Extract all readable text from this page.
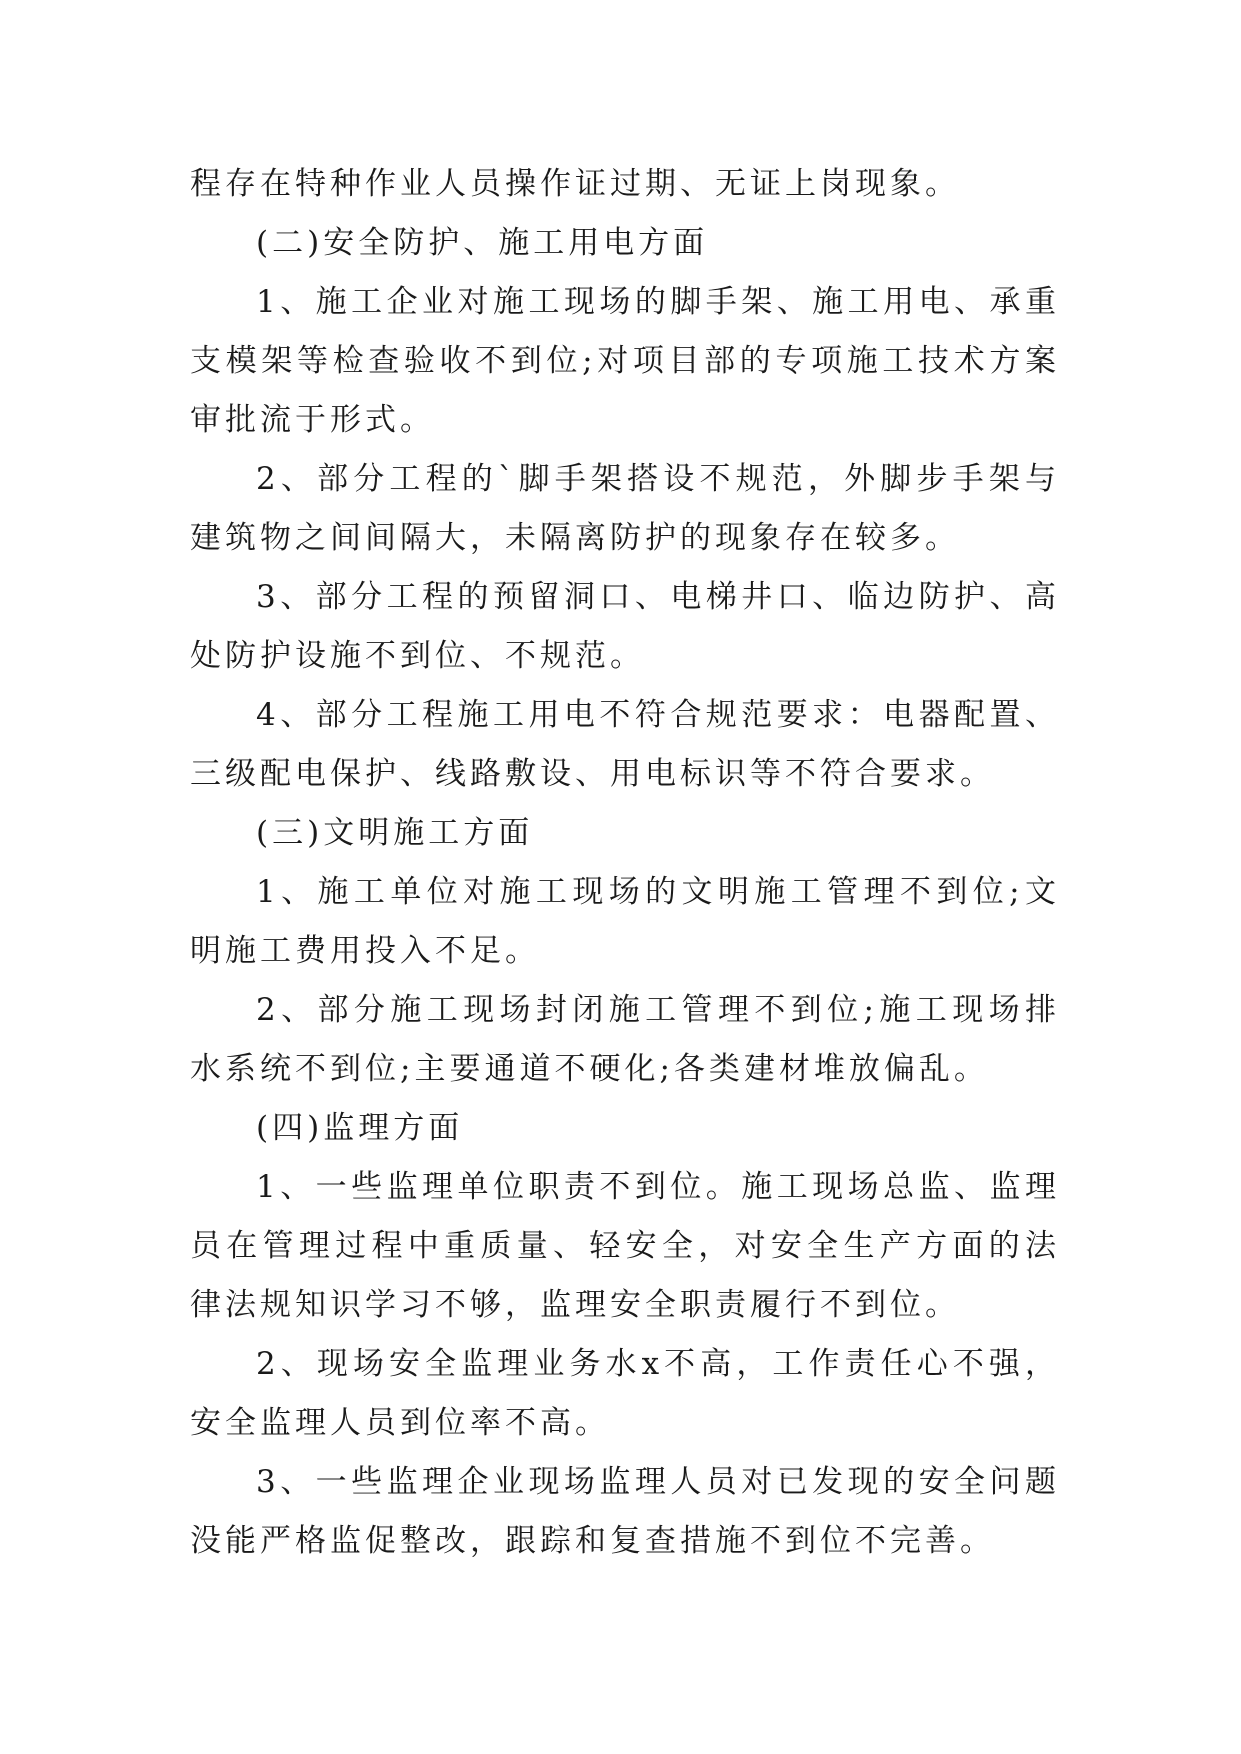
程存在特种作业人员操作证过期、无证上岗现象。

(二)安全防护、施工用电方面

1、施工企业对施工现场的脚手架、施工用电、承重支模架等检查验收不到位;对项目部的专项施工技术方案审批流于形式。

2、部分工程的`脚手架搭设不规范，外脚步手架与建筑物之间间隔大，未隔离防护的现象存在较多。

3、部分工程的预留洞口、电梯井口、临边防护、高处防护设施不到位、不规范。

4、部分工程施工用电不符合规范要求：电器配置、三级配电保护、线路敷设、用电标识等不符合要求。

(三)文明施工方面

1、施工单位对施工现场的文明施工管理不到位;文明施工费用投入不足。

2、部分施工现场封闭施工管理不到位;施工现场排水系统不到位;主要通道不硬化;各类建材堆放偏乱。

(四)监理方面

1、一些监理单位职责不到位。施工现场总监、监理员在管理过程中重质量、轻安全，对安全生产方面的法律法规知识学习不够，监理安全职责履行不到位。

2、现场安全监理业务水x不高，工作责任心不强，安全监理人员到位率不高。

3、一些监理企业现场监理人员对已发现的安全问题没能严格监促整改，跟踪和复查措施不到位不完善。
